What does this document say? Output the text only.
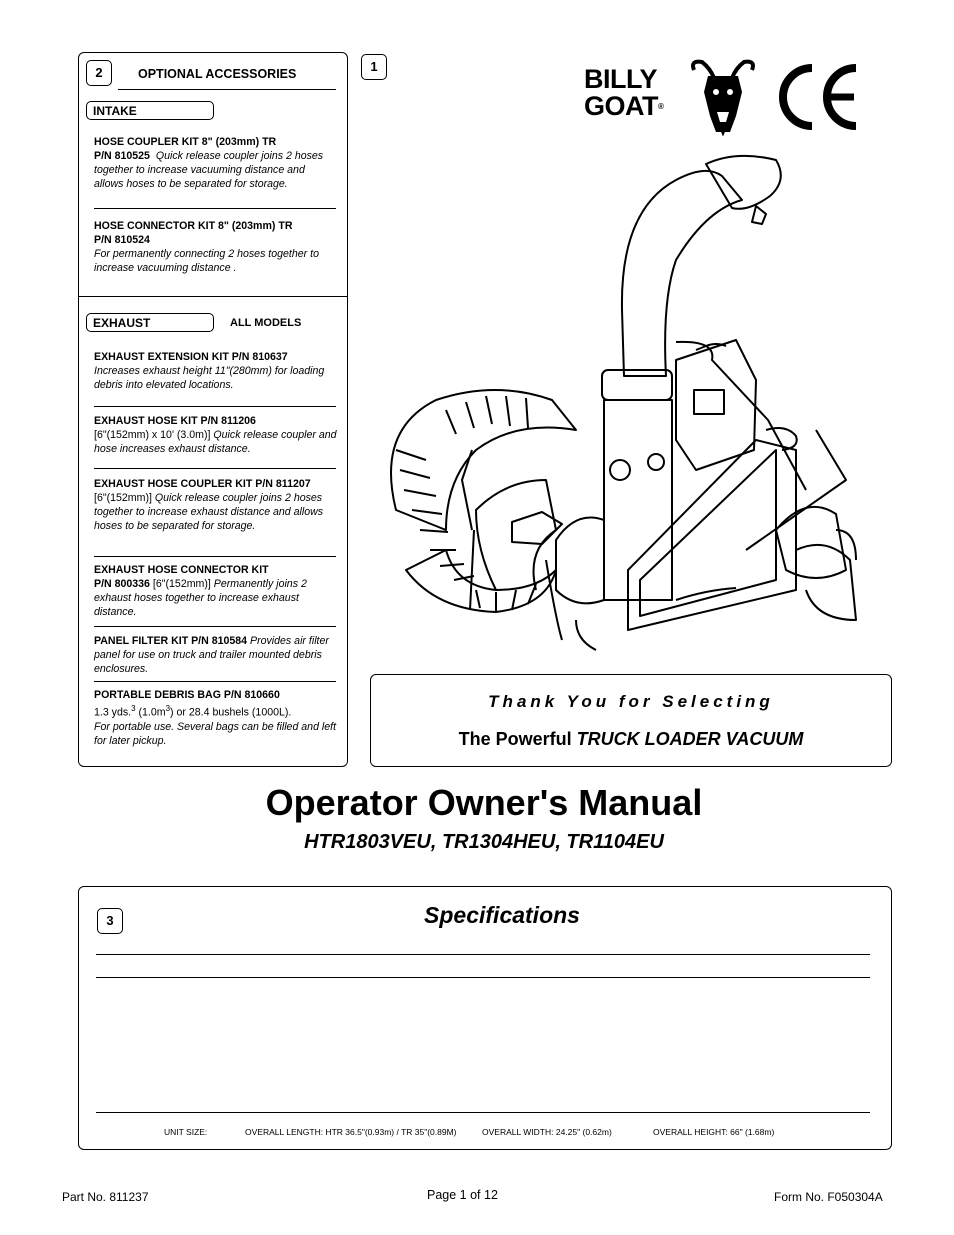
2	OPTIONAL ACCESSORIES
INTAKE
HOSE COUPLER KIT 8" (203mm) TR
P/N 810525 Quick release coupler joins 2 hoses together to increase vacuuming distance and allows hoses to be separated for storage.
HOSE CONNECTOR KIT 8" (203mm) TR
P/N 810524
For permanently connecting 2 hoses together to increase vacuuming distance .
EXHAUST	ALL MODELS
EXHAUST EXTENSION KIT P/N 810637
Increases exhaust height 11"(280mm) for loading debris into elevated locations.
EXHAUST HOSE KIT P/N 811206
[6"(152mm) x 10' (3.0m)] Quick release coupler and hose increases exhaust distance.
EXHAUST HOSE COUPLER KIT P/N 811207
[6"(152mm)] Quick release coupler joins 2 hoses together to increase exhaust distance and allows hoses to be separated for storage.
EXHAUST HOSE CONNECTOR KIT
P/N 800336 [6"(152mm)] Permanently joins 2 exhaust hoses together to increase exhaust distance.
PANEL FILTER KIT P/N 810584 Provides air filter panel for use on truck and trailer mounted debris enclosures.
PORTABLE DEBRIS BAG P/N 810660
1.3 yds.$^3$ $(1.0m^3)$ or 28.4 bushels (1000L).
For portable use. Several bags can be filled and left for later pickup.
1	BILLY
GOAT®
Thank You for Selecting
The Powerful TRUCK LOADER VACUUM
Operator Owner's Manual
HTR1803VEU, TR1304HEU, TR1104EU
3	Specifications
UNIT SIZE:	OVERALL LENGTH: HTR 36.5"(0.93m) / TR 35"(0.89M)	OVERALL WIDTH: 24.25" (0.62m)	OVERALL HEIGHT: 66" (1.68m)
Part No. 811237	Page 1 of 12	Form No. F050304A
